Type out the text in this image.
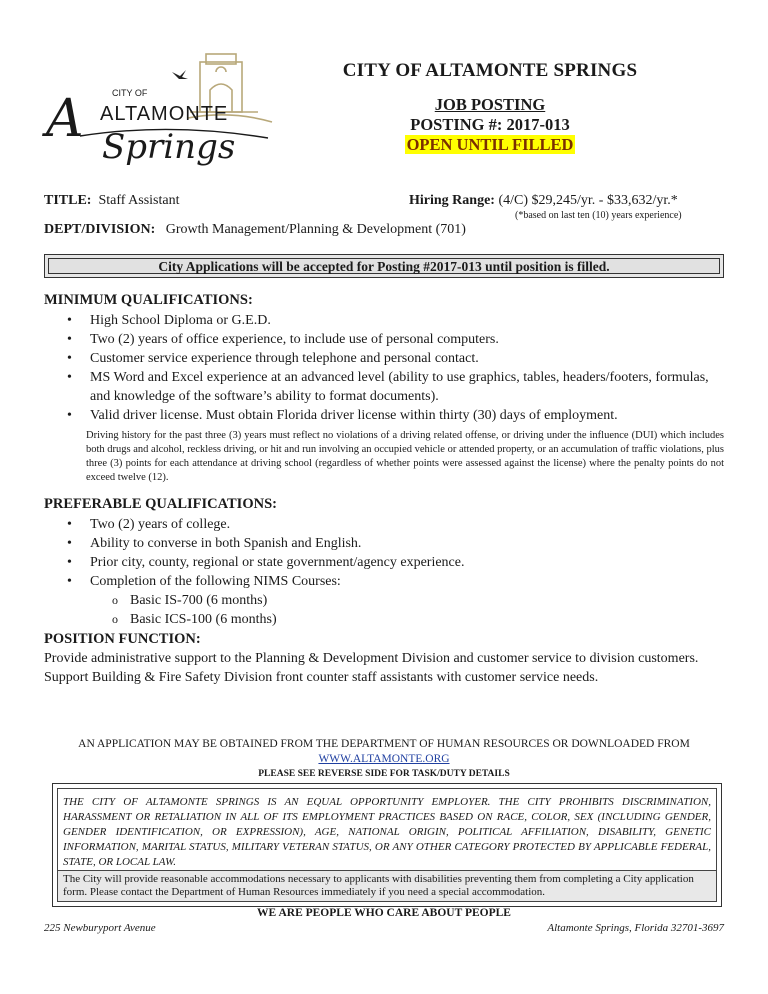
CITY OF
A ALTAMONTE
Springs
CITY OF ALTAMONTE SPRINGS
JOB POSTING
POSTING #: 2017-013
OPEN UNTIL FILLED
TITLE: Staff Assistant	Hiring Range: (4/C) $29,245/yr. - $33,632/yr.*
(*based on last ten (10) years experience)
DEPT/DIVISION: Growth Management/Planning & Development (701)
City Applications will be accepted for Posting #2017-013 until position is filled.
MINIMUM QUALIFICATIONS:
• High School Diploma or G.E.D.
• Two (2) years of office experience, to include use of personal computers.
• Customer service experience through telephone and personal contact.
• MS Word and Excel experience at an advanced level (ability to use graphics, tables, headers/footers, formulas, and knowledge of the software’s ability to format documents).
• Valid driver license. Must obtain Florida driver license within thirty (30) days of employment.
Driving history for the past three (3) years must reflect no violations of a driving related offense, or driving under the influence (DUI) which includes both drugs and alcohol, reckless driving, or hit and run involving an occupied vehicle or attended property, or an accumulation of traffic violations, plus three (3) points for each attendance at driving school (regardless of whether points were assessed against the license) where the penalty points do not exceed twelve (12).
PREFERABLE QUALIFICATIONS:
• Two (2) years of college.
• Ability to converse in both Spanish and English.
• Prior city, county, regional or state government/agency experience.
• Completion of the following NIMS Courses:
o Basic IS-700 (6 months)
o Basic ICS-100 (6 months)
POSITION FUNCTION:
Provide administrative support to the Planning & Development Division and customer service to division customers. Support Building & Fire Safety Division front counter staff assistants with customer service needs.
AN APPLICATION MAY BE OBTAINED FROM THE DEPARTMENT OF HUMAN RESOURCES OR DOWNLOADED FROM
WWW.ALTAMONTE.ORG
PLEASE SEE REVERSE SIDE FOR TASK/DUTY DETAILS
THE CITY OF ALTAMONTE SPRINGS IS AN EQUAL OPPORTUNITY EMPLOYER. THE CITY PROHIBITS DISCRIMINATION, HARASSMENT OR RETALIATION IN ALL OF ITS EMPLOYMENT PRACTICES BASED ON RACE, COLOR, SEX (INCLUDING GENDER, GENDER IDENTIFICATION, OR EXPRESSION), AGE, NATIONAL ORIGIN, POLITICAL AFFILIATION, DISABILITY, GENETIC INFORMATION, MARITAL STATUS, MILITARY VETERAN STATUS, OR ANY OTHER CATEGORY PROTECTED BY APPLICABLE FEDERAL, STATE, OR LOCAL LAW.
The City will provide reasonable accommodations necessary to applicants with disabilities preventing them from completing a City application form. Please contact the Department of Human Resources immediately if you need a special accommodation.
WE ARE PEOPLE WHO CARE ABOUT PEOPLE
225 Newburyport Avenue	Altamonte Springs, Florida 32701-3697
